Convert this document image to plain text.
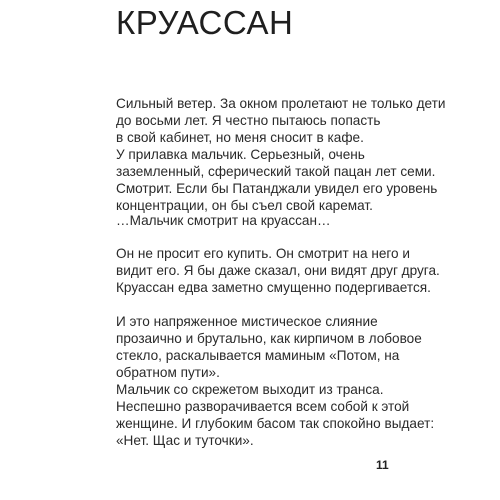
КРУАССАН
Сильный ветер. За окном пролетают не только дети
до восьми лет. Я честно пытаюсь попасть
в свой кабинет, но меня сносит в кафе.
У прилавка мальчик. Серьезный, очень
заземленный, сферический такой пацан лет семи.
Смотрит. Если бы Патанджали увидел его уровень
концентрации, он бы съел свой каремат.
…Мальчик смотрит на круассан…
Он не просит его купить. Он смотрит на него и
видит его. Я бы даже сказал, они видят друг друга.
Круассан едва заметно смущенно подергивается.
И это напряженное мистическое слияние
прозаично и брутально, как кирпичом в лобовое
стекло, раскалывается маминым «Потом, на
обратном пути».
Мальчик со скрежетом выходит из транса.
Неспешно разворачивается всем собой к этой
женщине. И глубоким басом так спокойно выдает:
«Нет. Щас и туточки».
11
